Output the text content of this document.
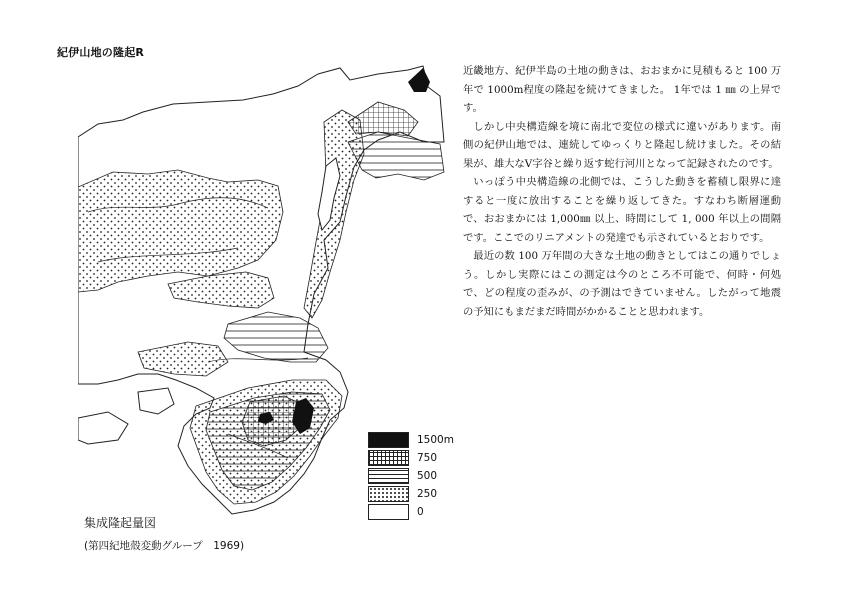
紀伊山地の隆起R
1500m
750
500
250
0
集成隆起量図
(第四紀地殻変動グループ　1969)

近畿地方、紀伊半島の土地の動きは、おおまかに見積もると 100 万年で 1000m程度の隆起を続けてきました。 1年では 1 ㎜ の上昇です。

しかし中央構造線を境に南北で変位の様式に違いがあります。南側の紀伊山地では、連続してゆっくりと隆起し続けました。その結果が、雄大なV字谷と繰り返す蛇行河川となって記録されたのです。

いっぽう中央構造線の北側では、こうした動きを蓄積し限界に達すると一度に放出することを繰り返してきた。すなわち断層運動で、おおまかには 1,000㎜ 以上、時間にして 1, 000 年以上の間隔です。ここでのリニアメントの発達でも示されているとおりです。

最近の数 100 万年間の大きな土地の動きとしてはこの通りでしょう。しかし実際にはこの測定は今のところ不可能で、何時・何処で、どの程度の歪みが、の予測はできていません。したがって地震の予知にもまだまだ時間がかかることと思われます。
